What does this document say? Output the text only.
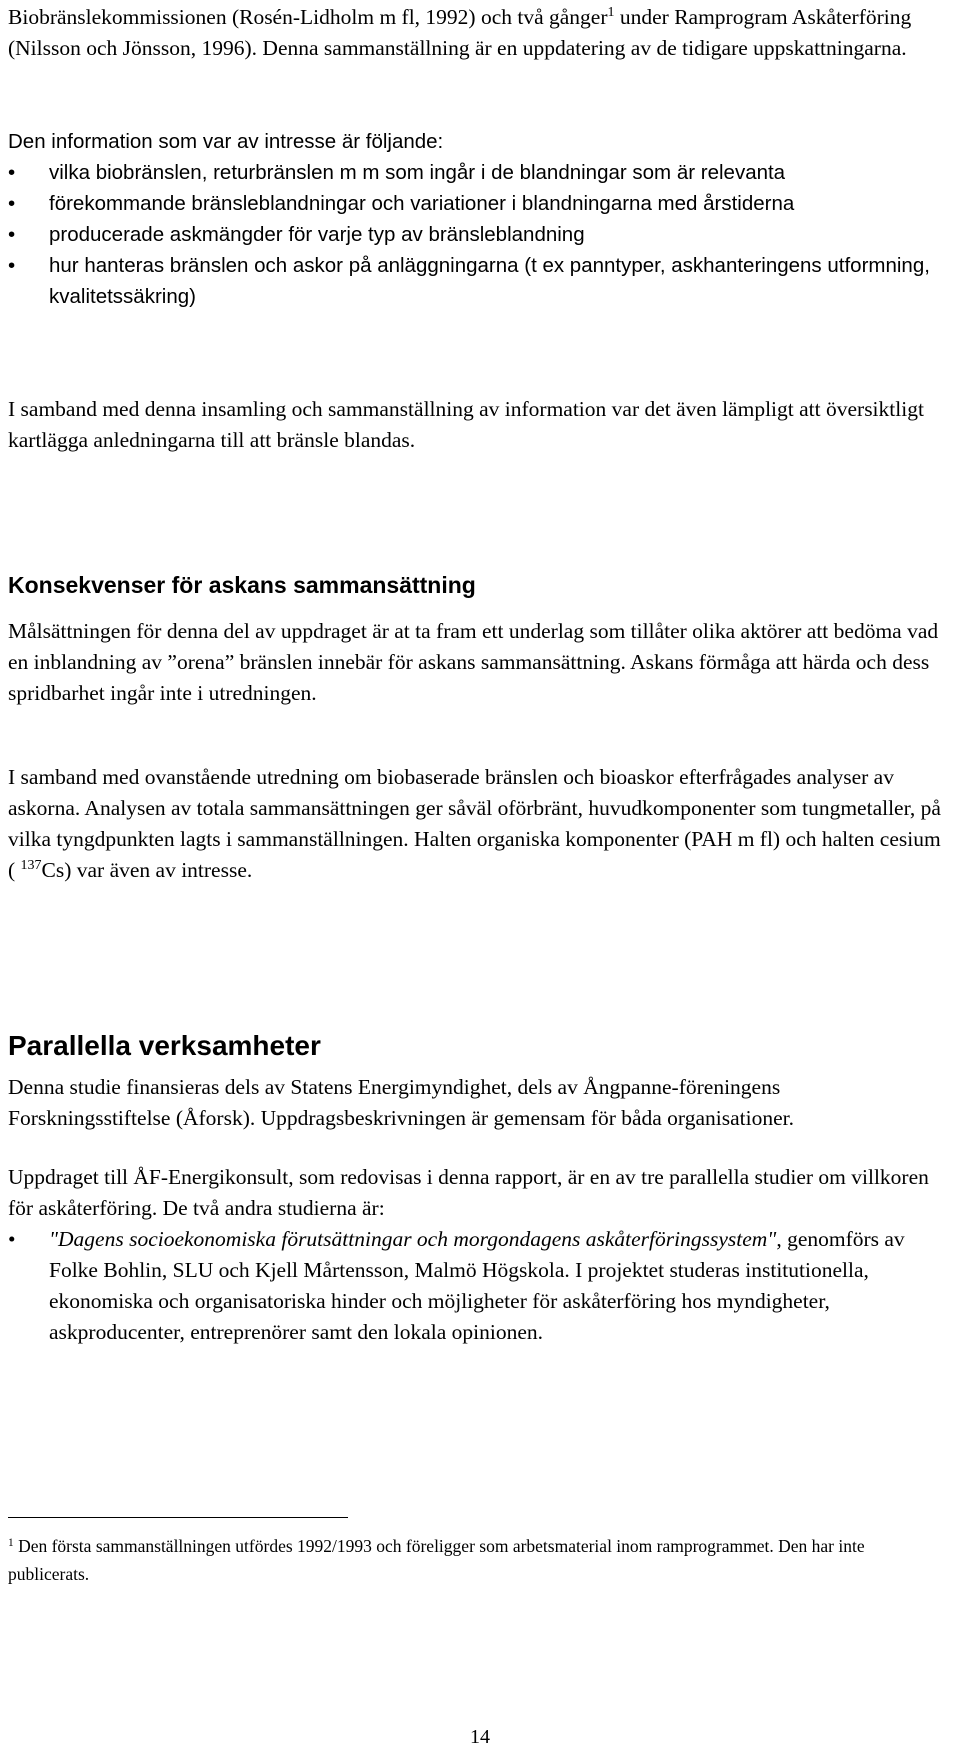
Biobränslekommissionen (Rosén-Lidholm m fl, 1992) och två gånger$^1$ under Ramprogram Askåterföring (Nilsson och Jönsson, 1996). Denna sammanställning är en uppdatering av de tidigare uppskattningarna.

Den information som var av intresse är följande:
• vilka biobränslen, returbränslen m m som ingår i de blandningar som är relevanta
• förekommande bränsleblandningar och variationer i blandningarna med årstiderna
• producerade askmängder för varje typ av bränsleblandning
• hur hanteras bränslen och askor på anläggningarna (t ex panntyper, askhanteringens utformning, kvalitetssäkring)

I samband med denna insamling och sammanställning av information var det även lämpligt att översiktligt kartlägga anledningarna till att bränsle blandas.

Konsekvenser för askans sammansättning

Målsättningen för denna del av uppdraget är at ta fram ett underlag som tillåter olika aktörer att bedöma vad en inblandning av ”orena” bränslen innebär för askans sammansättning. Askans förmåga att härda och dess spridbarhet ingår inte i utredningen.

I samband med ovanstående utredning om biobaserade bränslen och bioaskor efterfrågades analyser av askorna. Analysen av totala sammansättningen ger såväl oförbränt, huvudkomponenter som tungmetaller, på vilka tyngdpunkten lagts i sammanställningen. Halten organiska komponenter (PAH m fl) och halten cesium ( $^{137}$Cs) var även av intresse.

Parallella verksamheter

Denna studie finansieras dels av Statens Energimyndighet, dels av Ångpanne-föreningens Forskningsstiftelse (Åforsk). Uppdragsbeskrivningen är gemensam för båda organisationer.

Uppdraget till ÅF-Energikonsult, som redovisas i denna rapport, är en av tre parallella studier om villkoren för askåterföring. De två andra studierna är:
• "Dagens socioekonomiska förutsättningar och morgondagens askåterföringssystem", genomförs av Folke Bohlin, SLU och Kjell Mårtensson, Malmö Högskola. I projektet studeras institutionella, ekonomiska och organisatoriska hinder och möjligheter för askåterföring hos myndigheter, askproducenter, entreprenörer samt den lokala opinionen.

$^1$ Den första sammanställningen utfördes 1992/1993 och föreligger som arbetsmaterial inom ramprogrammet. Den har inte publicerats.

14
